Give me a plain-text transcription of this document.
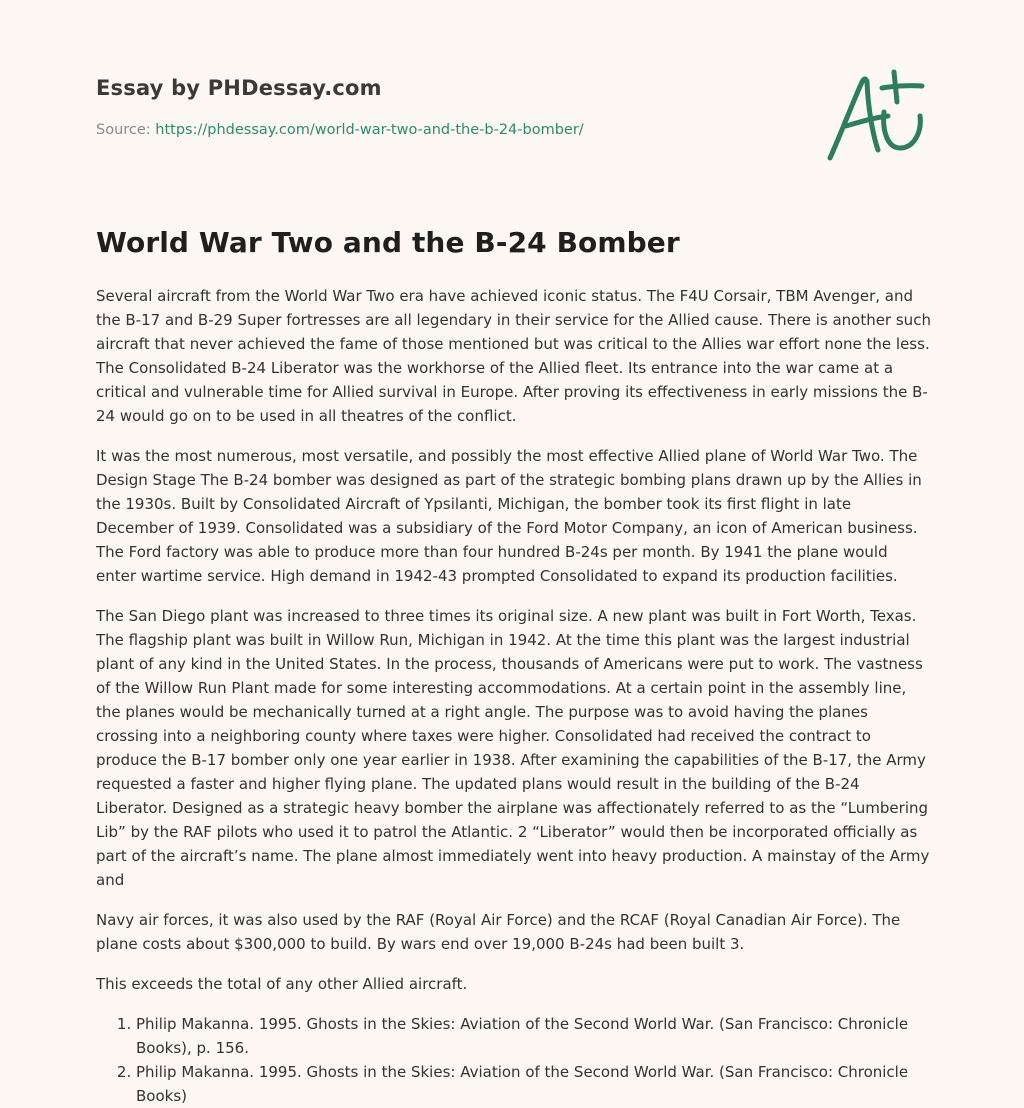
Essay by PHDessay.com
Source: https://phdessay.com/world-war-two-and-the-b-24-bomber/
World War Two and the B-24 Bomber

Several aircraft from the World War Two era have achieved iconic status. The F4U Corsair, TBM Avenger, and the B-17 and B-29 Super fortresses are all legendary in their service for the Allied cause. There is another such aircraft that never achieved the fame of those mentioned but was critical to the Allies war effort none the less. The Consolidated B-24 Liberator was the workhorse of the Allied fleet. Its entrance into the war came at a critical and vulnerable time for Allied survival in Europe. After proving its effectiveness in early missions the B-24 would go on to be used in all theatres of the conflict.

It was the most numerous, most versatile, and possibly the most effective Allied plane of World War Two. The Design Stage The B-24 bomber was designed as part of the strategic bombing plans drawn up by the Allies in the 1930s. Built by Consolidated Aircraft of Ypsilanti, Michigan, the bomber took its first flight in late December of 1939. Consolidated was a subsidiary of the Ford Motor Company, an icon of American business. The Ford factory was able to produce more than four hundred B-24s per month. By 1941 the plane would enter wartime service. High demand in 1942-43 prompted Consolidated to expand its production facilities.

The San Diego plant was increased to three times its original size. A new plant was built in Fort Worth, Texas. The flagship plant was built in Willow Run, Michigan in 1942. At the time this plant was the largest industrial plant of any kind in the United States. In the process, thousands of Americans were put to work. The vastness of the Willow Run Plant made for some interesting accommodations. At a certain point in the assembly line, the planes would be mechanically turned at a right angle. The purpose was to avoid having the planes crossing into a neighboring county where taxes were higher. Consolidated had received the contract to produce the B-17 bomber only one year earlier in 1938. After examining the capabilities of the B-17, the Army requested a faster and higher flying plane. The updated plans would result in the building of the B-24 Liberator. Designed as a strategic heavy bomber the airplane was affectionately referred to as the “Lumbering Lib” by the RAF pilots who used it to patrol the Atlantic. 2 “Liberator” would then be incorporated officially as part of the aircraft’s name. The plane almost immediately went into heavy production. A mainstay of the Army and

Navy air forces, it was also used by the RAF (Royal Air Force) and the RCAF (Royal Canadian Air Force). The plane costs about $300,000 to build. By wars end over 19,000 B-24s had been built 3.

This exceeds the total of any other Allied aircraft.

1. Philip Makanna. 1995. Ghosts in the Skies: Aviation of the Second World War. (San Francisco: Chronicle Books), p. 156.
2. Philip Makanna. 1995. Ghosts in the Skies: Aviation of the Second World War. (San Francisco: Chronicle Books)
